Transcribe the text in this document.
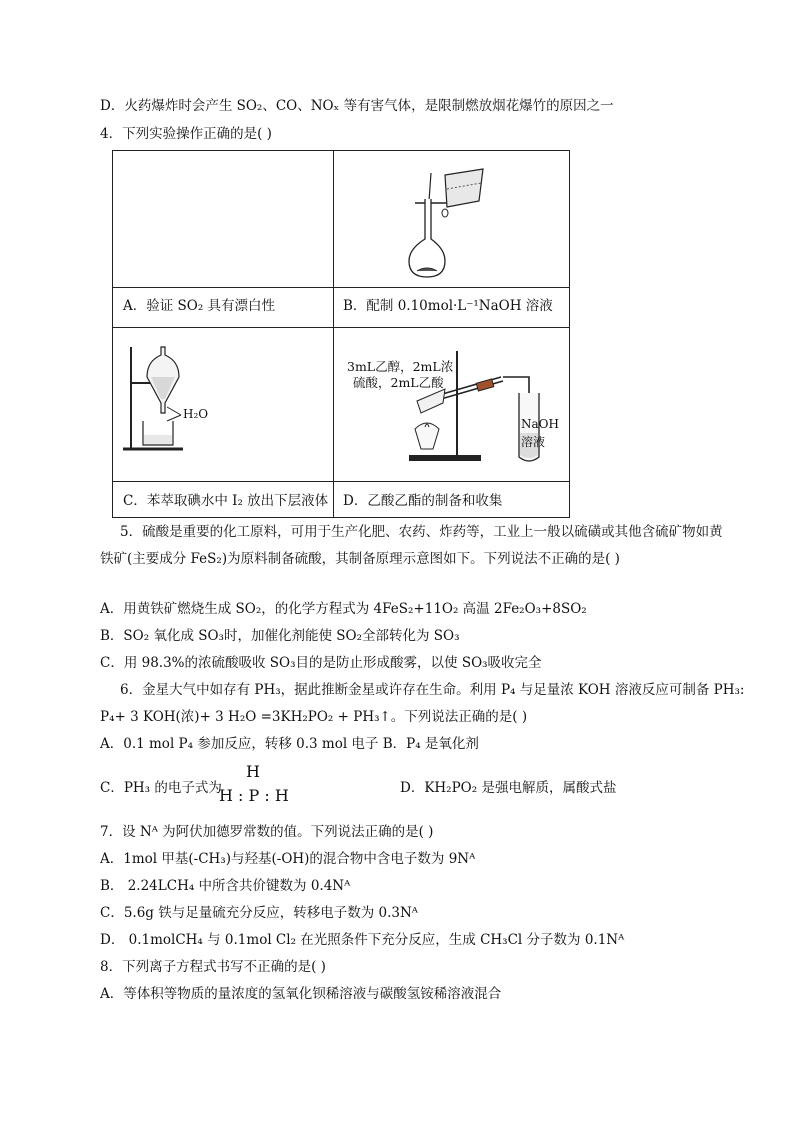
D．火药爆炸时会产生 SO₂、CO、NOₓ 等有害气体，是限制燃放烟花爆竹的原因之一
4．下列实验操作正确的是( )
A．验证 SO₂ 具有漂白性	B．配制 0.10mol·L⁻¹NaOH 溶液
H₂O
3mL乙醇，2mL浓
硫酸，2mL乙酸
NaOH
溶液
C．苯萃取碘水中 I₂ 放出下层液体 D．乙酸乙酯的制备和收集
5．硫酸是重要的化工原料，可用于生产化肥、农药、炸药等，工业上一般以硫磺或其他含硫矿物如黄
铁矿(主要成分 FeS₂)为原料制备硫酸，其制备原理示意图如下。下列说法不正确的是( )
A．用黄铁矿燃烧生成 SO₂，的化学方程式为 4FeS₂+11O₂ 高温 2Fe₂O₃+8SO₂
B．SO₂ 氧化成 SO₃时，加催化剂能使 SO₂全部转化为 SO₃
C．用 98.3%的浓硫酸吸收 SO₃目的是防止形成酸雾，以使 SO₃吸收完全
6．金星大气中如存有 PH₃，据此推断金星或许存在生命。利用 P₄ 与足量浓 KOH 溶液反应可制备 PH₃:
P₄+ 3 KOH(浓)+ 3 H₂O =3KH₂PO₂ + PH₃↑。下列说法正确的是( )
A．0.1 mol P₄ 参加反应，转移 0.3 mol 电子 B．P₄ 是氧化剂
C．PH₃ 的电子式为
H
H : P : H	D．KH₂PO₂ 是强电解质，属酸式盐
7．设 Nᴬ 为阿伏加德罗常数的值。下列说法正确的是( )
A．1mol 甲基(-CH₃)与羟基(-OH)的混合物中含电子数为 9Nᴬ
B． 2.24LCH₄ 中所含共价键数为 0.4Nᴬ
C．5.6g 铁与足量硫充分反应，转移电子数为 0.3Nᴬ
D． 0.1molCH₄ 与 0.1mol Cl₂ 在光照条件下充分反应，生成 CH₃Cl 分子数为 0.1Nᴬ
8．下列离子方程式书写不正确的是( )
A．等体积等物质的量浓度的氢氧化钡稀溶液与碳酸氢铵稀溶液混合
